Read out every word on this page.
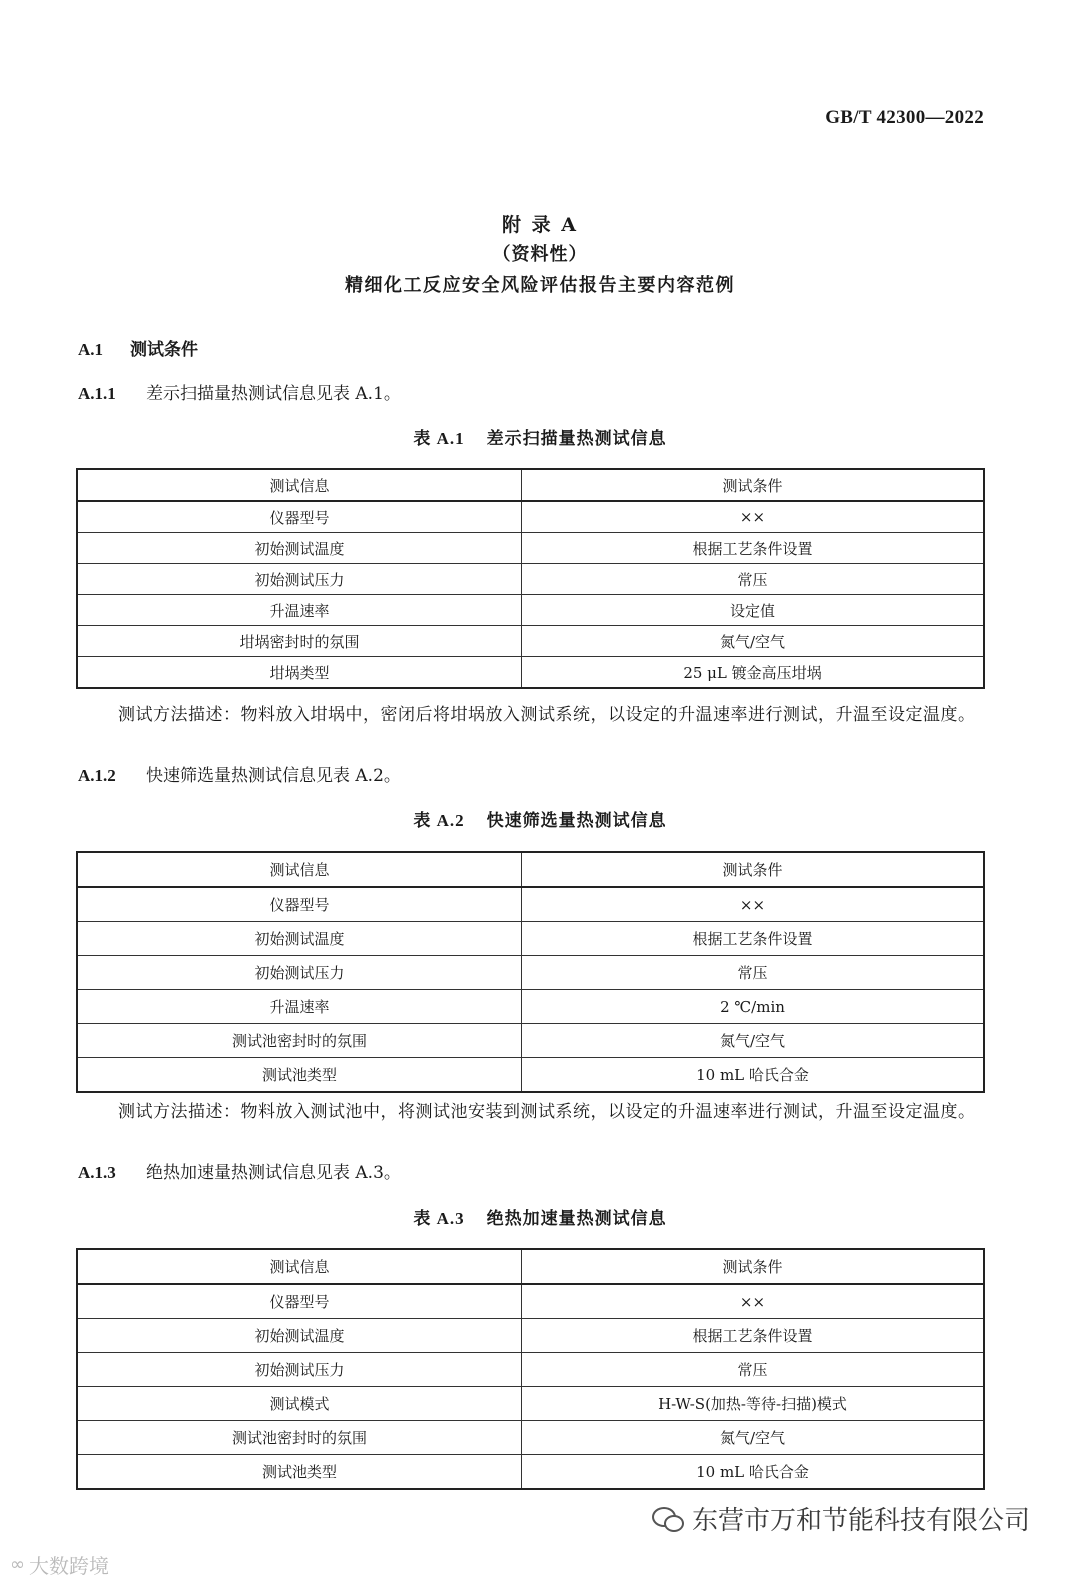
GB/T 42300—2022
附 录 A
（资料性）
精细化工反应安全风险评估报告主要内容范例
A.1 测试条件
A.1.1 差示扫描量热测试信息见表 A.1。
表 A.1 差示扫描量热测试信息
测试信息	测试条件
仪器型号	××
初始测试温度	根据工艺条件设置
初始测试压力	常压
升温速率	设定值
坩埚密封时的氛围	氮气/空气
坩埚类型	25 μL 镀金高压坩埚
测试方法描述：物料放入坩埚中，密闭后将坩埚放入测试系统，以设定的升温速率进行测试，升温至设定温度。
A.1.2 快速筛选量热测试信息见表 A.2。
表 A.2 快速筛选量热测试信息
测试信息	测试条件
仪器型号	××
初始测试温度	根据工艺条件设置
初始测试压力	常压
升温速率	2 ℃/min
测试池密封时的氛围	氮气/空气
测试池类型	10 mL 哈氏合金
测试方法描述：物料放入测试池中，将测试池安装到测试系统，以设定的升温速率进行测试，升温至设定温度。
A.1.3 绝热加速量热测试信息见表 A.3。
表 A.3 绝热加速量热测试信息
测试信息	测试条件
仪器型号	××
初始测试温度	根据工艺条件设置
初始测试压力	常压
测试模式	H-W-S(加热-等待-扫描)模式
测试池密封时的氛围	氮气/空气
测试池类型	10 mL 哈氏合金
东营市万和节能科技有限公司
∞ 大数跨境
